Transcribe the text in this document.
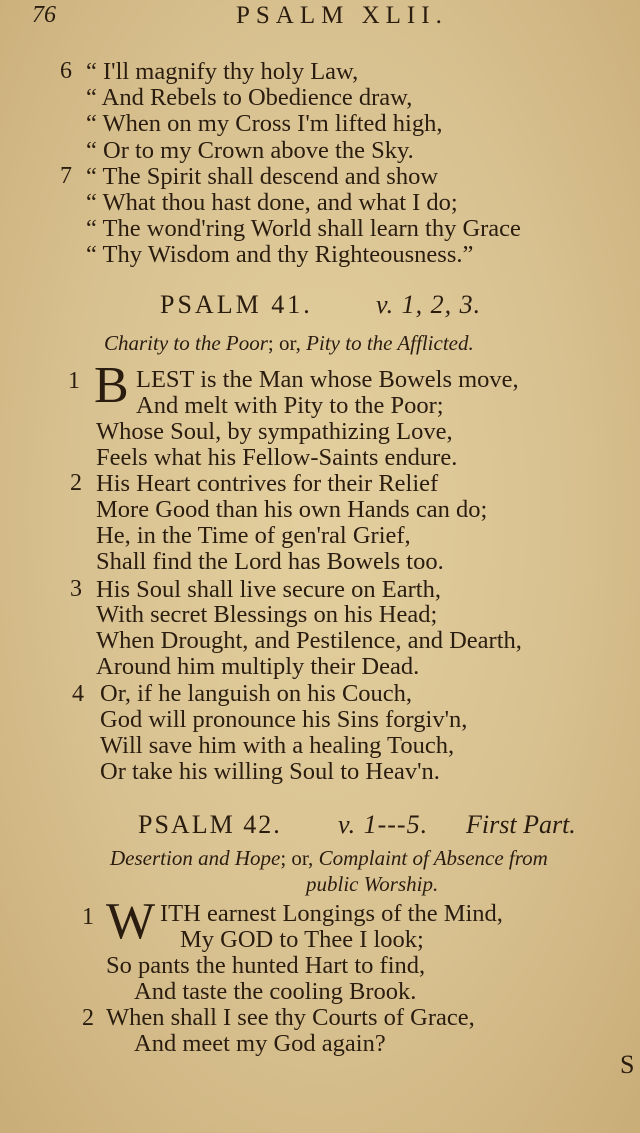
76	PSALM XLII.
6 “ I'll magnify thy holy Law,
“ And Rebels to Obedience draw,
“ When on my Cross I'm lifted high,
“ Or to my Crown above the Sky.
7 “ The Spirit shall descend and show
“ What thou hast done, and what I do;
“ The wond'ring World shall learn thy Grace
“ Thy Wisdom and thy Righteousness.”
PSALM 41. v. 1, 2, 3.
Charity to the Poor; or, Pity to the Afflicted.
1 B LEST is the Man whose Bowels move,
And melt with Pity to the Poor;
Whose Soul, by sympathizing Love,
Feels what his Fellow-Saints endure.
2 His Heart contrives for their Relief
More Good than his own Hands can do;
He, in the Time of gen'ral Grief,
Shall find the Lord has Bowels too.
3 His Soul shall live secure on Earth,
With secret Blessings on his Head;
When Drought, and Pestilence, and Dearth,
Around him multiply their Dead.
4 Or, if he languish on his Couch,
God will pronounce his Sins forgiv'n,
Will save him with a healing Touch,
Or take his willing Soul to Heav'n.
PSALM 42. v. 1---5. First Part.
Desertion and Hope; or, Complaint of Absence from
public Worship.
1 W ITH earnest Longings of the Mind,
My GOD to Thee I look;
So pants the hunted Hart to find,
And taste the cooling Brook.
2 When shall I see thy Courts of Grace,
And meet my God again?
S
